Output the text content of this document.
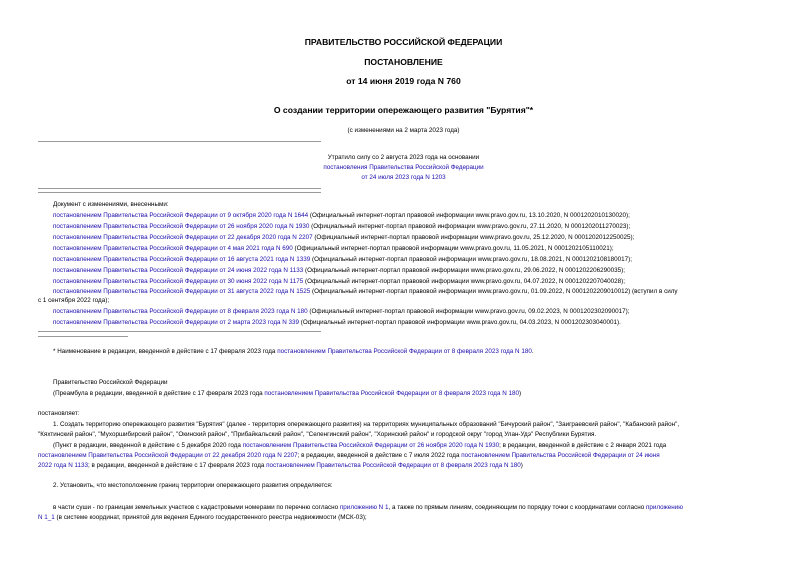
ПРАВИТЕЛЬСТВО РОССИЙСКОЙ ФЕДЕРАЦИИ
ПОСТАНОВЛЕНИЕ
от 14 июня 2019 года N 760
О создании территории опережающего развития "Бурятия"*
(с изменениями на 2 марта 2023 года)
Утратило силу со 2 августа 2023 года на основании
постановления Правительства Российской Федерации
от 24 июля 2023 года N 1203
Документ с изменениями, внесенными:
постановлением Правительства Российской Федерации от 9 октября 2020 года N 1644 (Официальный интернет-портал правовой информации www.pravo.gov.ru, 13.10.2020, N 0001202010130020);
постановлением Правительства Российской Федерации от 26 ноября 2020 года N 1930 (Официальный интернет-портал правовой информации www.pravo.gov.ru, 27.11.2020, N 0001202011270023);
постановлением Правительства Российской Федерации от 22 декабря 2020 года N 2207 (Официальный интернет-портал правовой информации www.pravo.gov.ru, 25.12.2020, N 0001202012250025);
постановлением Правительства Российской Федерации от 4 мая 2021 года N 690 (Официальный интернет-портал правовой информации www.pravo.gov.ru, 11.05.2021, N 0001202105110021);
постановлением Правительства Российской Федерации от 16 августа 2021 года N 1339 (Официальный интернет-портал правовой информации www.pravo.gov.ru, 18.08.2021, N 0001202108180017);
постановлением Правительства Российской Федерации от 24 июня 2022 года N 1133 (Официальный интернет-портал правовой информации www.pravo.gov.ru, 29.06.2022, N 0001202206290035);
постановлением Правительства Российской Федерации от 30 июня 2022 года N 1175 (Официальный интернет-портал правовой информации www.pravo.gov.ru, 04.07.2022, N 0001202207040028);
постановлением Правительства Российской Федерации от 31 августа 2022 года N 1525 (Официальный интернет-портал правовой информации www.pravo.gov.ru, 01.09.2022, N 0001202209010012) (вступил в силу
с 1 сентября 2022 года);
постановлением Правительства Российской Федерации от 8 февраля 2023 года N 180 (Официальный интернет-портал правовой информации www.pravo.gov.ru, 09.02.2023, N 0001202302090017);
постановлением Правительства Российской Федерации от 2 марта 2023 года N 339 (Официальный интернет-портал правовой информации www.pravo.gov.ru, 04.03.2023, N 0001202303040001).
* Наименование в редакции, введенной в действие с 17 февраля 2023 года постановлением Правительства Российской Федерации от 8 февраля 2023 года N 180.
Правительство Российской Федерации
(Преамбула в редакции, введенной в действие с 17 февраля 2023 года постановлением Правительства Российской Федерации от 8 февраля 2023 года N 180)
постановляет:
1. Создать территорию опережающего развития "Бурятия" (далее - территория опережающего развития) на территориях муниципальных образований "Бичурский район", "Заиграевский район", "Кабанский район",
"Кяхтинский район", "Мухоршибирский район", "Окинский район", "Прибайкальский район", "Селенгинский район", "Хоринский район" и городской округ "город Улан-Удэ" Республики Бурятия.
(Пункт в редакции, введенной в действие с 5 декабря 2020 года постановлением Правительства Российской Федерации от 26 ноября 2020 года N 1930; в редакции, введенной в действие с 2 января 2021 года
постановлением Правительства Российской Федерации от 22 декабря 2020 года N 2207; в редакции, введенной в действие с 7 июля 2022 года постановлением Правительства Российской Федерации от 24 июня
2022 года N 1133; в редакции, введенной в действие с 17 февраля 2023 года постановлением Правительства Российской Федерации от 8 февраля 2023 года N 180)
2. Установить, что местоположение границ территории опережающего развития определяется:
в части суши - по границам земельных участков с кадастровыми номерами по перечню согласно приложению N 1, а также по прямым линиям, соединяющим по порядку точки с координатами согласно приложению
N 1_1 (в системе координат, принятой для ведения Единого государственного реестра недвижимости (МСК-03);
